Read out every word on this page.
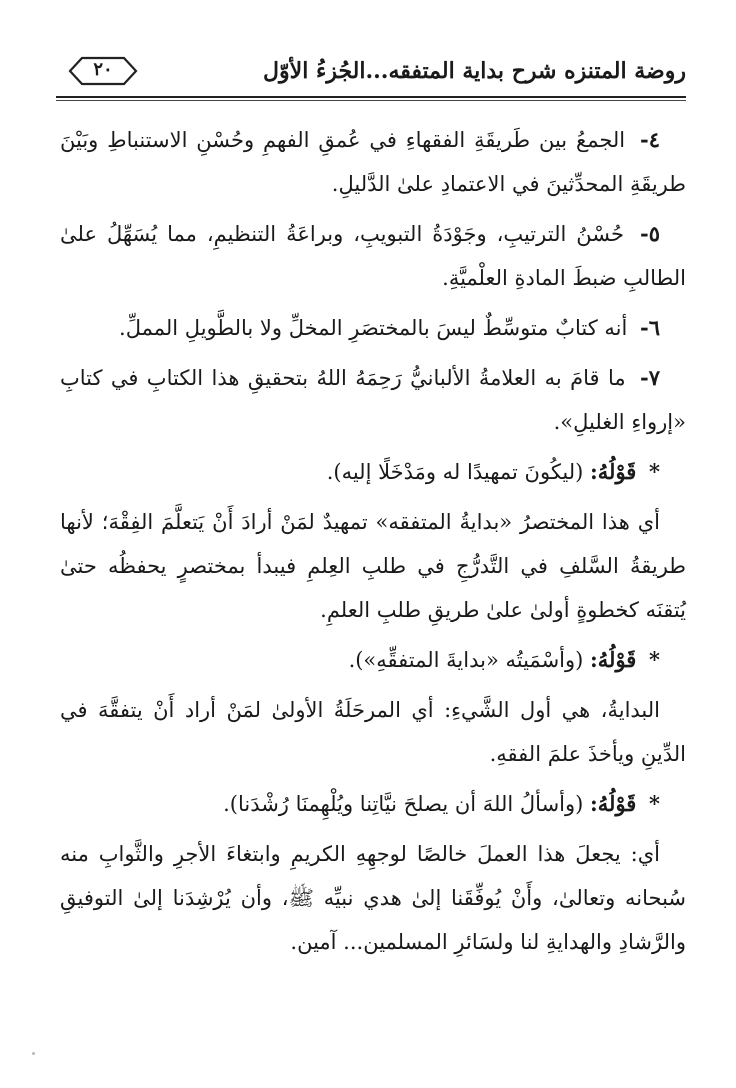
روضة المتنزه شرح بداية المتفقه...الجُزءُ الأوّل
٢٠

٤- الجمعُ بين طَريقَةِ الفقهاءِ في عُمقِ الفهمِ وحُسْنِ الاستنباطِ وبَيْنَ طريقَةِ المحدِّثينَ في الاعتمادِ علىٰ الدَّليلِ.

٥- حُسْنُ الترتيبِ، وجَوْدَةُ التبويبِ، وبراعَةُ التنظيمِ، مما يُسَهِّلُ علىٰ الطالبِ ضبطَ المادةِ العلْميَّةِ.

٦- أنه كتابٌ متوسِّطٌ ليسَ بالمختصَرِ المخلِّ ولا بالطَّويلِ المملِّ.

٧- ما قامَ به العلامةُ الألبانيُّ رَحِمَهُ اللهُ بتحقيقِ هذا الكتابِ في كتابِ «إرواءِ الغليلِ».

* قَوْلُهُ: (ليكُونَ تمهيدًا له ومَدْخَلًا إليه).

أي هذا المختصرُ «بدايةُ المتفقه» تمهيدٌ لمَنْ أرادَ أَنْ يَتعلَّمَ الفِقْهَ؛ لأنها طريقةُ السَّلفِ في التَّدرُّجِ في طلبِ العِلمِ فيبدأ بمختصرٍ يحفظُه حتىٰ يُتقنَه كخطوةٍ أولىٰ علىٰ طريقِ طلبِ العلمِ.

* قَوْلُهُ: (وأسْمَيتُه «بدايةَ المتفقِّهِ»).

البدايةُ، هي أول الشَّيءِ: أي المرحَلَةُ الأولىٰ لمَنْ أراد أَنْ يتفقَّهَ في الدِّينِ ويأخذَ علمَ الفقهِ.

* قَوْلُهُ: (وأسألُ اللهَ أن يصلحَ نيَّاتِنا ويُلْهِمنَا رُشْدَنا).

أي: يجعلَ هذا العملَ خالصًا لوجهِهِ الكريمِ وابتغاءَ الأجرِ والثَّوابِ منه سُبحانه وتعالىٰ، وأَنْ يُوفِّقَنا إلىٰ هدي نبيِّه ﷺ، وأن يُرْشِدَنا إلىٰ التوفيقِ والرَّشادِ والهدايةِ لنا ولسَائرِ المسلمين... آمين.
